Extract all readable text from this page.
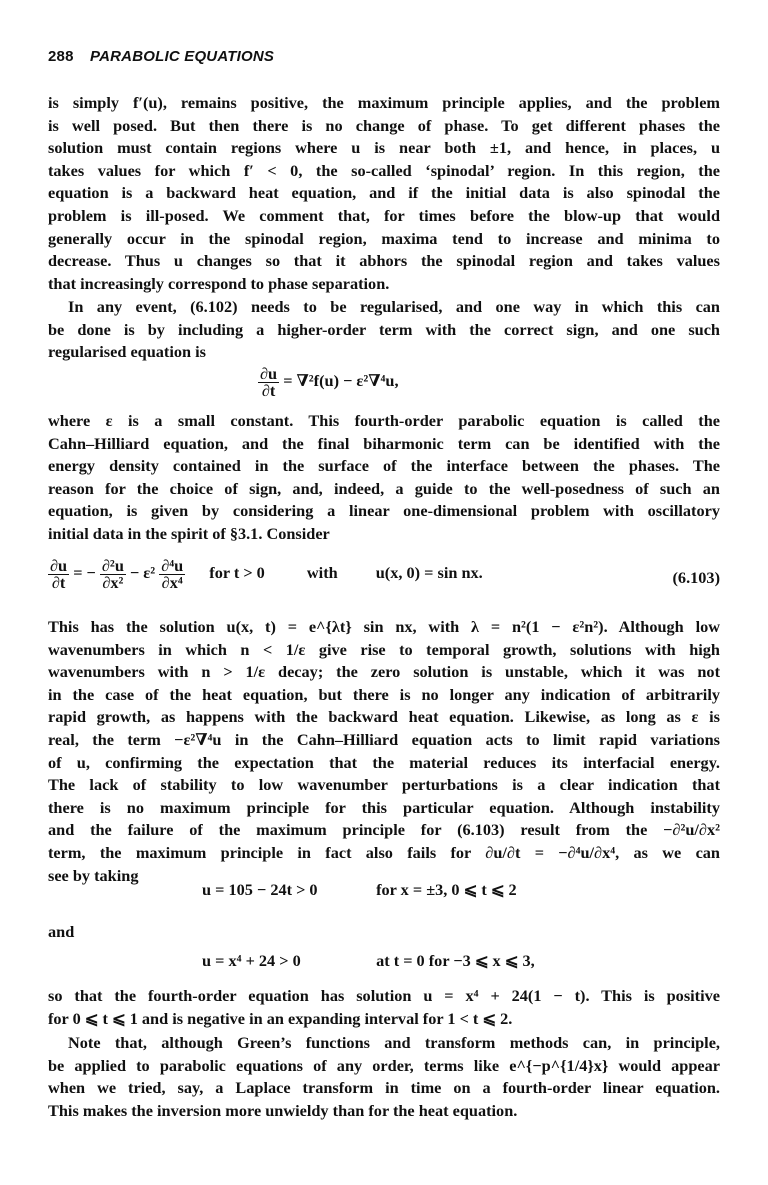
288 PARABOLIC EQUATIONS
is simply f′(u), remains positive, the maximum principle applies, and the problem
is well posed. But then there is no change of phase. To get different phases the
solution must contain regions where u is near both ±1, and hence, in places, u
takes values for which f′ < 0, the so-called ‘spinodal’ region. In this region, the
equation is a backward heat equation, and if the initial data is also spinodal the
problem is ill-posed. We comment that, for times before the blow-up that would
generally occur in the spinodal region, maxima tend to increase and minima to
decrease. Thus u changes so that it abhors the spinodal region and takes values
that increasingly correspond to phase separation.
In any event, (6.102) needs to be regularised, and one way in which this can
be done is by including a higher-order term with the correct sign, and one such
regularised equation is
$\frac{\partial u}{\partial t} = \nabla^2f(u) - \varepsilon^2\nabla^4u$,
where ε is a small constant. This fourth-order parabolic equation is called the
Cahn–Hilliard equation, and the final biharmonic term can be identified with the
energy density contained in the surface of the interface between the phases. The
reason for the choice of sign, and, indeed, a guide to the well-posedness of such an
equation, is given by considering a linear one-dimensional problem with oscillatory
initial data in the spirit of §3.1. Consider
$\frac{\partial u}{\partial t}$ = − $\frac{\text{∂²u}}{\text{∂x²}} - \varepsilon^2 \frac{\text{∂⁴u}}{\text{∂x⁴}}$ for t > 0	with u(x, 0) = sin nx.	(6.103)
This has the solution u(x, t) = e^{λt} sin nx, with λ = n²(1 − ε²n²). Although low
wavenumbers in which n < 1/ε give rise to temporal growth, solutions with high
wavenumbers with n > 1/ε decay; the zero solution is unstable, which it was not
in the case of the heat equation, but there is no longer any indication of arbitrarily
rapid growth, as happens with the backward heat equation. Likewise, as long as ε is
real, the term −ε²∇⁴u in the Cahn–Hilliard equation acts to limit rapid variations
of u, confirming the expectation that the material reduces its interfacial energy.
The lack of stability to low wavenumber perturbations is a clear indication that
there is no maximum principle for this particular equation. Although instability
and the failure of the maximum principle for (6.103) result from the −∂²u/∂x²
term, the maximum principle in fact also fails for ∂u/∂t = −∂⁴u/∂x⁴, as we can
see by taking
u = 105 − 24t > 0	for x = ±3, 0 ⩽ t ⩽ 2
and
u = x⁴ + 24 > 0	at t = 0 for −3 ⩽ x ⩽ 3,
so that the fourth-order equation has solution u = x⁴ + 24(1 − t). This is positive
for 0 ⩽ t ⩽ 1 and is negative in an expanding interval for 1 < t ⩽ 2.
Note that, although Green’s functions and transform methods can, in principle,
be applied to parabolic equations of any order, terms like e^{−p^{1/4}x} would appear
when we tried, say, a Laplace transform in time on a fourth-order linear equation.
This makes the inversion more unwieldy than for the heat equation.
